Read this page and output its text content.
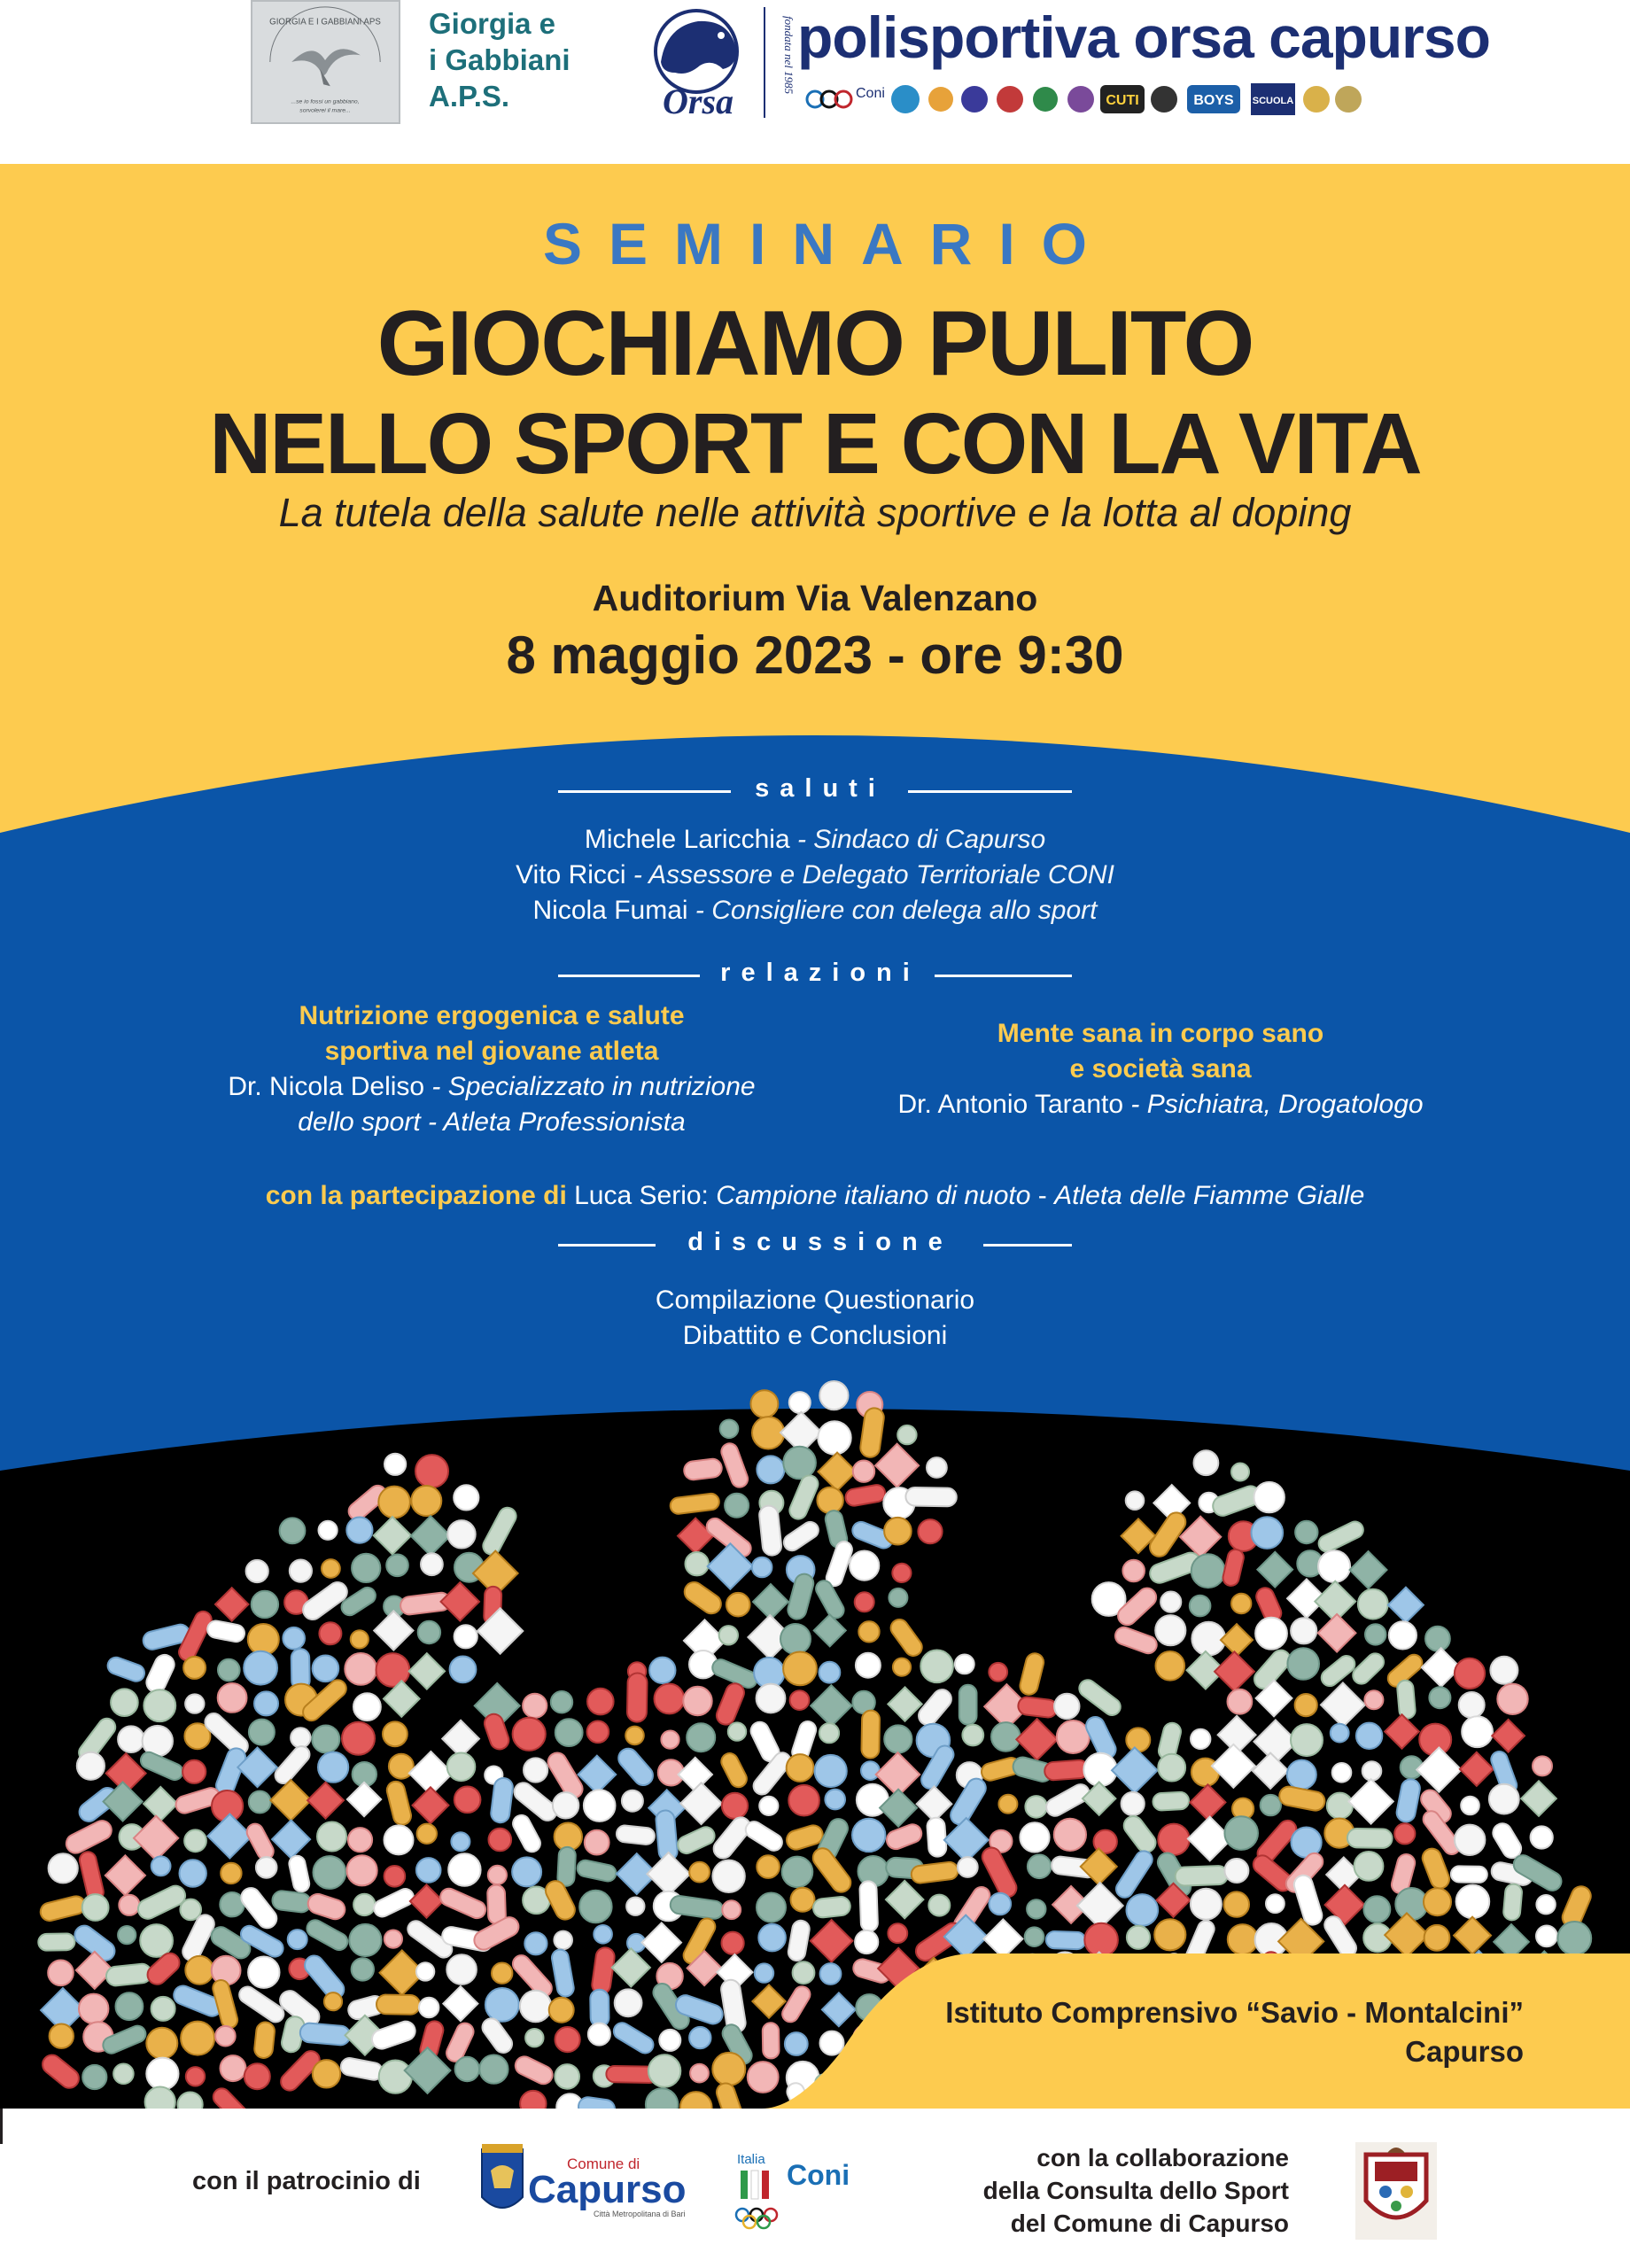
GIORGIA E I GABBIANI APS
...se io fossi un gabbiano,
sorvolerei il mare...
Giorgia e
i Gabbiani
A.P.S.	Orsa
fondata nel 1985 polisportiva orsa capurso
Coni	CUTI	BOYS SCUOLA
SEMINARIO
GIOCHIAMO PULITO
NELLO SPORT E CON LA VITA
La tutela della salute nelle attività sportive e la lotta al doping
Auditorium Via Valenzano
8 maggio 2023 - ore 9:30
saluti
Michele Laricchia - Sindaco di Capurso
Vito Ricci - Assessore e Delegato Territoriale CONI
Nicola Fumai - Consigliere con delega allo sport
relazioni
Nutrizione ergogenica e salute
sportiva nel giovane atleta
Dr. Nicola Deliso - Specializzato in nutrizione
dello sport - Atleta Professionista
Mente sana in corpo sano
e società sana
Dr. Antonio Taranto - Psichiatra, Drogatologo
con la partecipazione di Luca Serio: Campione italiano di nuoto - Atleta delle Fiamme Gialle
discussione
Compilazione Questionario
Dibattito e Conclusioni
Istituto Comprensivo “Savio - Montalcini”
Capurso
con il patrocinio di
Comune di
Capurso
Città Metropolitana di Bari
Italia Coni
con la collaborazione
della Consulta dello Sport
del Comune di Capurso
